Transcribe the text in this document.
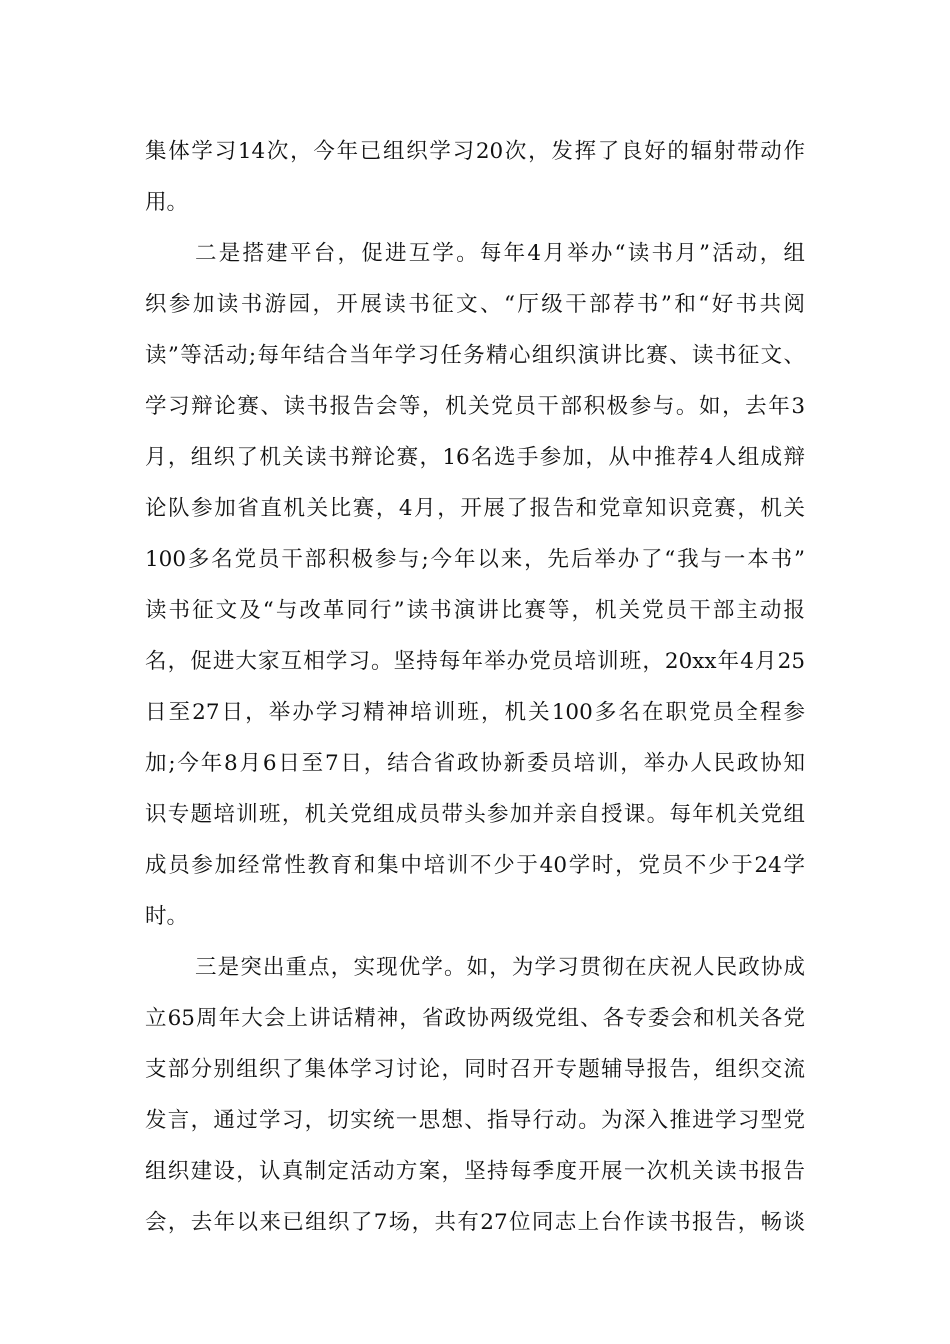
集体学习14次，今年已组织学习20次，发挥了良好的辐射带动作
用。
二是搭建平台，促进互学。每年4月举办“读书月”活动，组
织参加读书游园，开展读书征文、“厅级干部荐书”和“好书共阅
读”等活动;每年结合当年学习任务精心组织演讲比赛、读书征文、
学习辩论赛、读书报告会等，机关党员干部积极参与。如，去年3
月，组织了机关读书辩论赛，16名选手参加，从中推荐4人组成辩
论队参加省直机关比赛，4月，开展了报告和党章知识竞赛，机关
100多名党员干部积极参与;今年以来，先后举办了“我与一本书”
读书征文及“与改革同行”读书演讲比赛等，机关党员干部主动报
名，促进大家互相学习。坚持每年举办党员培训班，20xx年4月25
日至27日，举办学习精神培训班，机关100多名在职党员全程参
加;今年8月6日至7日，结合省政协新委员培训，举办人民政协知
识专题培训班，机关党组成员带头参加并亲自授课。每年机关党组
成员参加经常性教育和集中培训不少于40学时，党员不少于24学
时。
三是突出重点，实现优学。如，为学习贯彻在庆祝人民政协成
立65周年大会上讲话精神，省政协两级党组、各专委会和机关各党
支部分别组织了集体学习讨论，同时召开专题辅导报告，组织交流
发言，通过学习，切实统一思想、指导行动。为深入推进学习型党
组织建设，认真制定活动方案，坚持每季度开展一次机关读书报告
会，去年以来已组织了7场，共有27位同志上台作读书报告，畅谈
